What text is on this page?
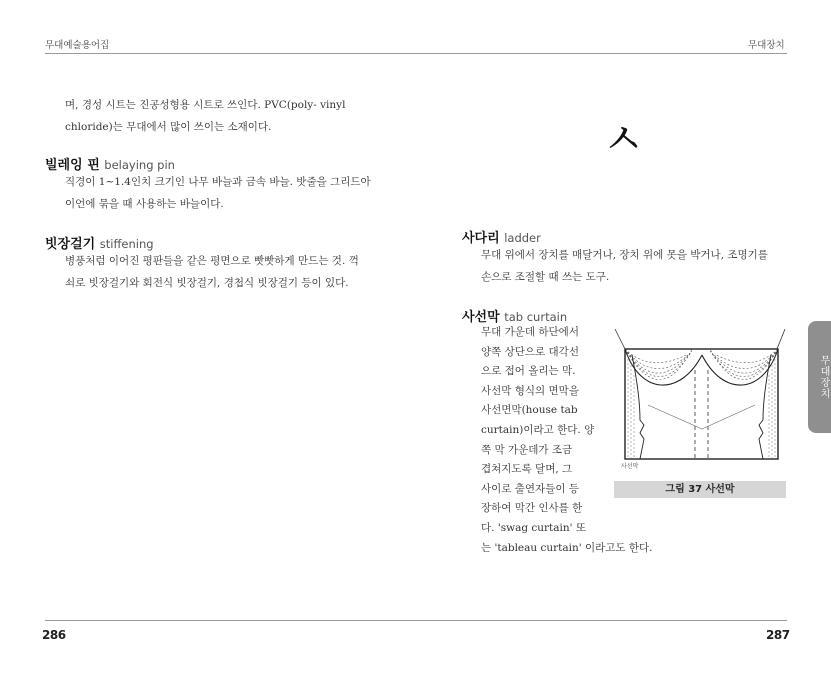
무대예술용어집	무대장치
며, 경성 시트는 진공성형용 시트로 쓰인다. PVC(poly- vinyl
chloride)는 무대에서 많이 쓰이는 소재이다.
빌레잉 핀 belaying pin
직경이 1~1.4인치 크기인 나무 바늘과 금속 바늘. 밧줄을 그리드아
이언에 묶을 때 사용하는 바늘이다.
빗장걸기 stiffening
병풍처럼 이어진 평판들을 같은 평면으로 빳빳하게 만드는 것. 꺽
쇠로 빗장걸기와 회전식 빗장걸기, 경첩식 빗장걸기 등이 있다.
ㅅ
사다리 ladder
무대 위에서 장치를 매달거나, 장치 위에 못을 박거나, 조명기를
손으로 조절할 때 쓰는 도구.
사선막 tab curtain
무대 가운데 하단에서
양쪽 상단으로 대각선
으로 접어 올리는 막.
사선막 형식의 면막을
사선면막(house tab
curtain)이라고 한다. 양
쪽 막 가운데가 조금
겹쳐지도록 달며, 그
사이로 출연자들이 등
장하여 막간 인사를 한
다. 'swag curtain' 또
는 'tableau curtain' 이라고도 한다.
사선막
그림 37 사선막
무대장치
286	287
